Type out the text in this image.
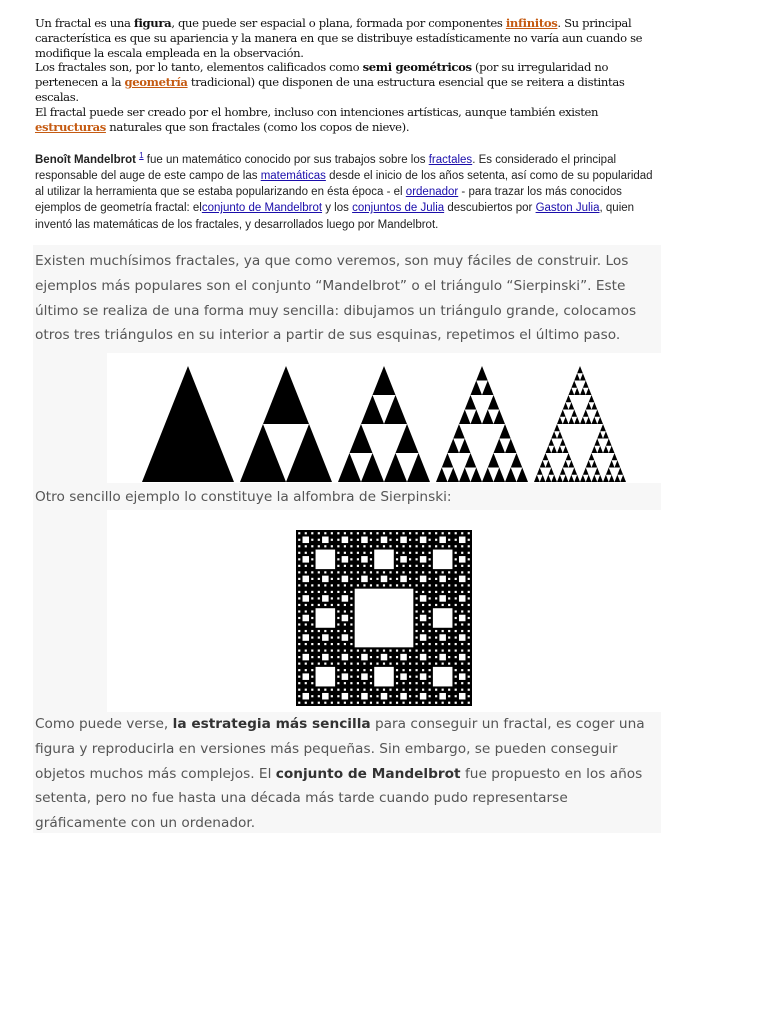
Un fractal es una figura, que puede ser espacial o plana, formada por componentes infinitos. Su principal característica es que su apariencia y la manera en que se distribuye estadísticamente no varía aun cuando se modifique la escala empleada en la observación.

Los fractales son, por lo tanto, elementos calificados como semi geométricos (por su irregularidad no pertenecen a la geometría tradicional) que disponen de una estructura esencial que se reitera a distintas escalas.

El fractal puede ser creado por el hombre, incluso con intenciones artísticas, aunque también existen estructuras naturales que son fractales (como los copos de nieve).

Benoît Mandelbrot $^1$ fue un matemático conocido por sus trabajos sobre los fractales. Es considerado el principal responsable del auge de este campo de las matemáticas desde el inicio de los años setenta, así como de su popularidad al utilizar la herramienta que se estaba popularizando en ésta época - el ordenador - para trazar los más conocidos ejemplos de geometría fractal: elconjunto de Mandelbrot y los conjuntos de Julia descubiertos por Gaston Julia, quien inventó las matemáticas de los fractales, y desarrollados luego por Mandelbrot.
Existen muchísimos fractales, ya que como veremos, son muy fáciles de construir. Los ejemplos más populares son el conjunto “Mandelbrot” o el triángulo “Sierpinski”. Este último se realiza de una forma muy sencilla: dibujamos un triángulo grande, colocamos otros tres triángulos en su interior a partir de sus esquinas, repetimos el último paso.
Otro sencillo ejemplo lo constituye la alfombra de Sierpinski:
Como puede verse, la estrategia más sencilla para conseguir un fractal, es coger una figura y reproducirla en versiones más pequeñas. Sin embargo, se pueden conseguir objetos muchos más complejos. El conjunto de Mandelbrot fue propuesto en los años setenta, pero no fue hasta una década más tarde cuando pudo representarse gráficamente con un ordenador.
